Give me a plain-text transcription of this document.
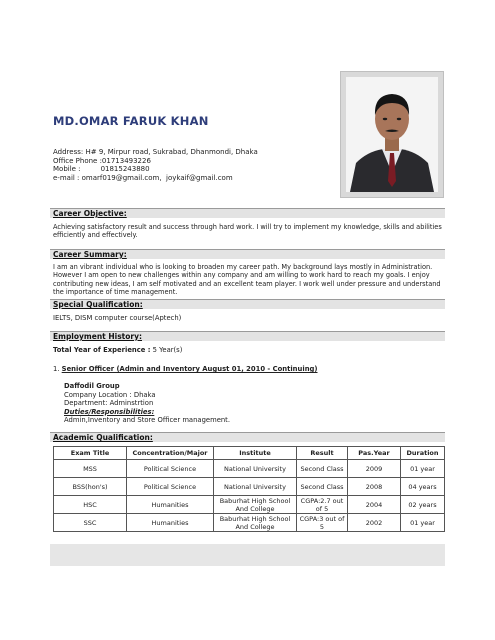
MD.OMAR FARUK KHAN
Address: H# 9, Mirpur road, Sukrabad, Dhanmondi, Dhaka
Office Phone :01713493226
Mobile :         01815243880
e-mail : omarf019@gmail.com,  joykaif@gmail.com
Career Objective:
Achieving satisfactory result and success through hard work. I will try to implement my knowledge, skills and abilities efficiently and effectively.
Career Summary:
I am an vibrant individual who is looking to broaden my career path. My background lays mostly in Administration. However I am open to new challenges within any company and am willing to work hard to reach my goals. I enjoy contributing new ideas, I am self motivated and an excellent team player. I work well under pressure and understand the importance of time management.
Special Qualification:
IELTS, DISM computer course(Aptech)
Employment History:
Total Year of Experience : 5 Year(s)
1. Senior Officer (Admin and Inventory August 01, 2010 - Continuing)
Daffodil Group
Company Location : Dhaka
Department: Adminstrtion
Duties/Responsibilities:
Admin,Inventory and Store Officer management.
Academic Qualification:
Exam Title	Concentration/Major	Institute	Result	Pas.Year	Duration
MSS	Political Science	National University	Second Class	2009	01 year
BSS(hon's)	Political Science	National University	Second Class	2008	04 years
HSC	Humanities	Baburhat High School And College	CGPA:2.7 out of 5	2004	02 years
SSC	Humanities	Baburhat High School And College	CGPA:3 out of 5	2002	01 year
